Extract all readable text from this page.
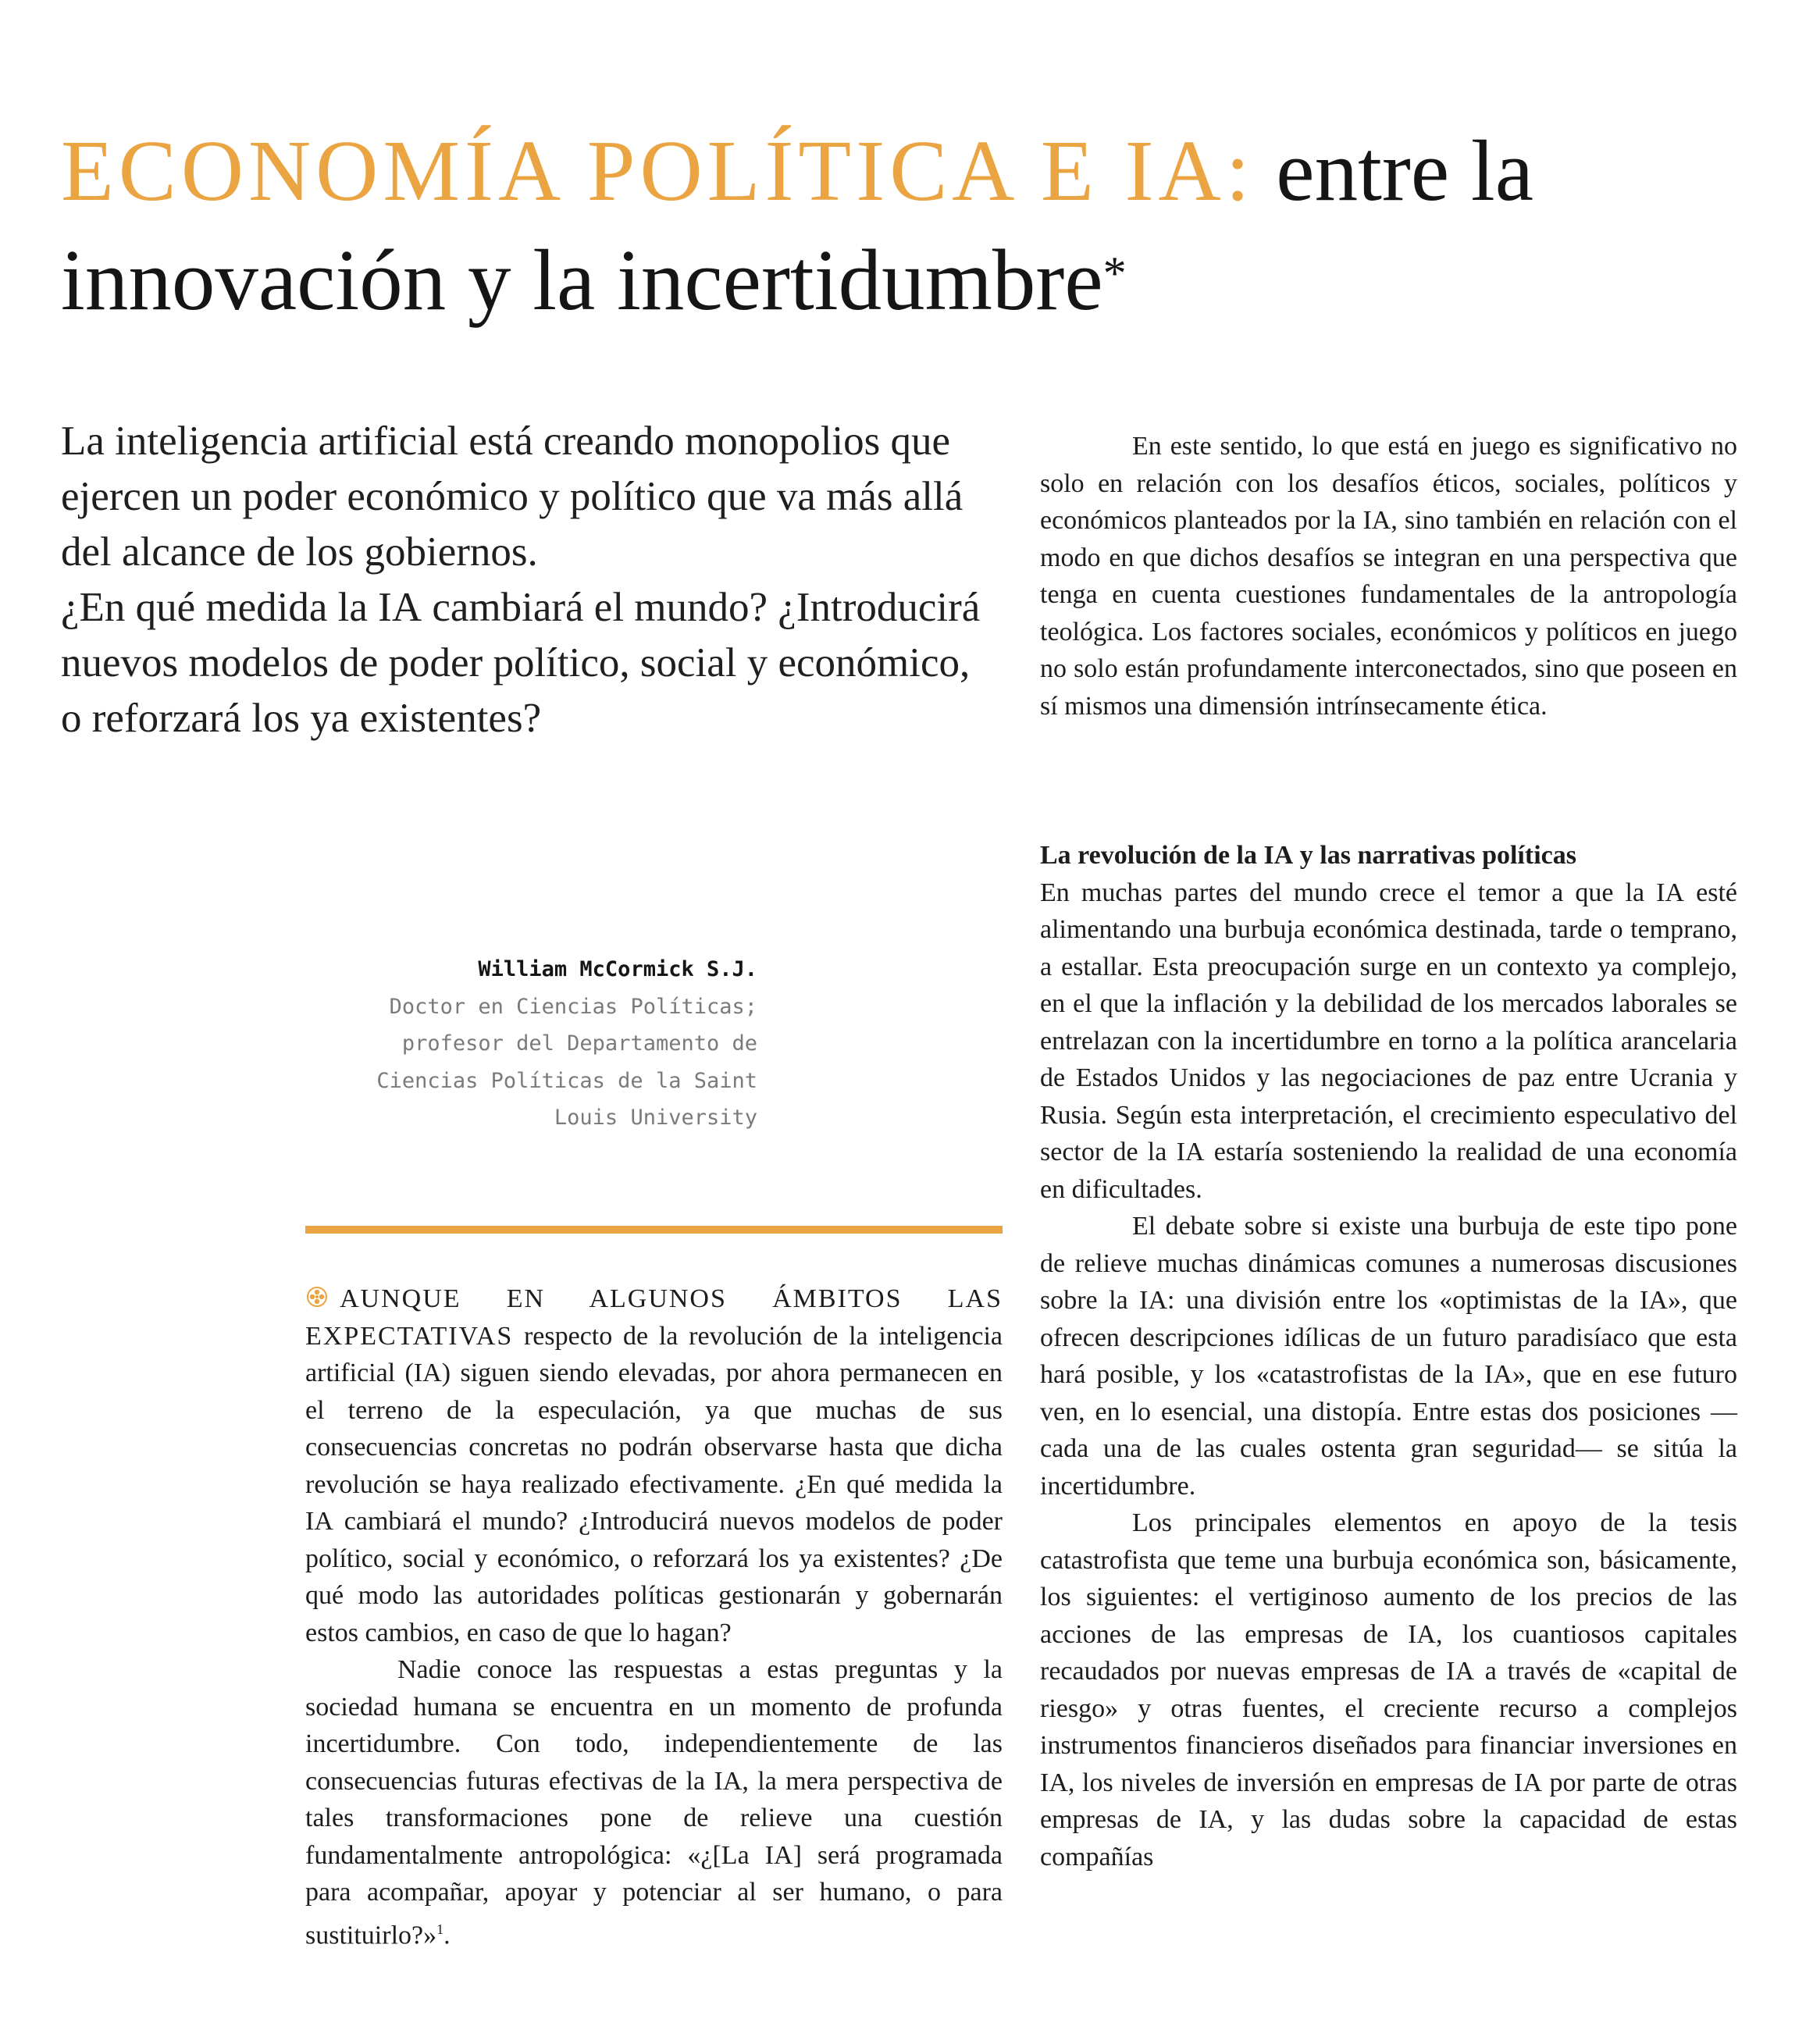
ECONOMÍA POLÍTICA E IA: entre la
innovación y la incertidumbre*

La inteligencia artificial está creando monopolios que ejercen un poder económico y político que va más allá del alcance de los gobiernos.

¿En qué medida la IA cambiará el mundo? ¿Introducirá nuevos modelos de poder político, social y económico, o reforzará los ya existentes?

En este sentido, lo que está en juego es significativo no solo en relación con los desafíos éticos, sociales, políticos y económicos planteados por la IA, sino también en relación con el modo en que dichos desafíos se integran en una perspectiva que tenga en cuenta cuestiones fundamentales de la antropología teológica. Los factores sociales, económicos y políticos en juego no solo están profundamente interconectados, sino que poseen en sí mismos una dimensión intrínsecamente ética.

William McCormick S.J.
Doctor en Ciencias Políticas;
profesor del Departamento de
Ciencias Políticas de la Saint
Louis University

AUNQUE EN ALGUNOS ÁMBITOS LAS EXPECTATIVAS respecto de la revolución de la inteligencia artificial (IA) siguen siendo elevadas, por ahora permanecen en el terreno de la especulación, ya que muchas de sus consecuencias concretas no podrán observarse hasta que dicha revolución se haya realizado efectivamente. ¿En qué medida la IA cambiará el mundo? ¿Introducirá nuevos modelos de poder político, social y económico, o reforzará los ya existentes? ¿De qué modo las autoridades políticas gestionarán y gobernarán estos cambios, en caso de que lo hagan?

Nadie conoce las respuestas a estas preguntas y la sociedad humana se encuentra en un momento de profunda incertidumbre. Con todo, independientemente de las consecuencias futuras efectivas de la IA, la mera perspectiva de tales transformaciones pone de relieve una cuestión fundamentalmente antropológica: «¿[La IA] será programada para acompañar, apoyar y potenciar al ser humano, o para sustituirlo?»$^1$.

La revolución de la IA y las narrativas políticas

En muchas partes del mundo crece el temor a que la IA esté alimentando una burbuja económica destinada, tarde o temprano, a estallar. Esta preocupación surge en un contexto ya complejo, en el que la inflación y la debilidad de los mercados laborales se entrelazan con la incertidumbre en torno a la política arancelaria de Estados Unidos y las negociaciones de paz entre Ucrania y Rusia. Según esta interpretación, el crecimiento especulativo del sector de la IA estaría sosteniendo la realidad de una economía en dificultades.

El debate sobre si existe una burbuja de este tipo pone de relieve muchas dinámicas comunes a numerosas discusiones sobre la IA: una división entre los «optimistas de la IA», que ofrecen descripciones idílicas de un futuro paradisíaco que esta hará posible, y los «catastrofistas de la IA», que en ese futuro ven, en lo esencial, una distopía. Entre estas dos posiciones —cada una de las cuales ostenta gran seguridad— se sitúa la incertidumbre.

Los principales elementos en apoyo de la tesis catastrofista que teme una burbuja económica son, básicamente, los siguientes: el vertiginoso aumento de los precios de las acciones de las empresas de IA, los cuantiosos capitales recaudados por nuevas empresas de IA a través de «capital de riesgo» y otras fuentes, el creciente recurso a complejos instrumentos financieros diseñados para financiar inversiones en IA, los niveles de inversión en empresas de IA por parte de otras empresas de IA, y las dudas sobre la capacidad de estas compañías
